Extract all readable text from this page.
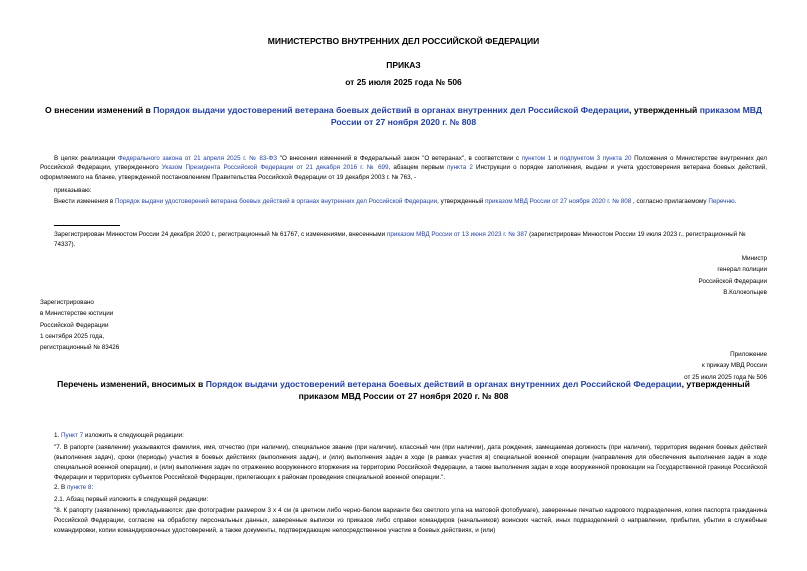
МИНИСТЕРСТВО ВНУТРЕННИХ ДЕЛ РОССИЙСКОЙ ФЕДЕРАЦИИ
ПРИКАЗ
от 25 июля 2025 года № 506
О внесении изменений в Порядок выдачи удостоверений ветерана боевых действий в органах внутренних дел Российской Федерации, утвержденный приказом МВД России от 27 ноября 2020 г. № 808
В целях реализации Федерального закона от 21 апреля 2025 г. № 83-ФЗ "О внесении изменений в Федеральный закон "О ветеранах", в соответствии с пунктом 1 и подпунктом 3 пункта 20 Положения о Министерстве внутренних дел Российской Федерации, утвержденного Указом Президента Российской Федерации от 21 декабря 2016 г. № 699, абзацем первым пункта 2 Инструкции о порядке заполнения, выдачи и учета удостоверения ветерана боевых действий, оформляемого на бланке, утвержденной постановлением Правительства Российской Федерации от 19 декабря 2003 г. № 763, -
приказываю:
Внести изменения в Порядок выдачи удостоверений ветерана боевых действий в органах внутренних дел Российской Федерации, утвержденный приказом МВД России от 27 ноября 2020 г. № 808 , согласно прилагаемому Перечню.
Зарегистрирован Минюстом России 24 декабря 2020 г., регистрационный № 61767, с изменениями, внесенными приказом МВД России от 13 июня 2023 г. № 387 (зарегистрирован Минюстом России 19 июля 2023 г., регистрационный № 74337).
Министр
генерал полиции
Российской Федерации
В.Колокольцев
Зарегистрировано
в Министерстве юстиции
Российской Федерации
1 сентября 2025 года,
регистрационный № 83426
Приложение
к приказу МВД России
от 25 июля 2025 года № 506
Перечень изменений, вносимых в Порядок выдачи удостоверений ветерана боевых действий в органах внутренних дел Российской Федерации, утвержденный приказом МВД России от 27 ноября 2020 г. № 808
1. Пункт 7 изложить в следующей редакции:
"7. В рапорте (заявлении) указываются фамилия, имя, отчество (при наличии), специальное звание (при наличии), классный чин (при наличии), дата рождения, замещаемая должность (при наличии), территория ведения боевых действий (выполнения задач), сроки (периоды) участия в боевых действиях (выполнения задач), и (или) выполнения задач в ходе (в рамках участия в) специальной военной операции (направления для обеспечения выполнения задач в ходе специальной военной операции), и (или) выполнения задач по отражению вооруженного вторжения на территорию Российской Федерации, а также выполнения задач в ходе вооруженной провокации на Государственной границе Российской Федерации и территориях субъектов Российской Федерации, прилегающих к районам проведения специальной военной операции.".
2. В пункте 8:
2.1. Абзац первый изложить в следующей редакции:
"8. К рапорту (заявлению) прикладываются: две фотографии размером 3 x 4 см (в цветном либо черно-белом варианте без светлого угла на матовой фотобумаге), заверенные печатью кадрового подразделения, копия паспорта гражданина Российской Федерации, согласие на обработку персональных данных, заверенные выписки из приказов либо справки командиров (начальников) воинских частей, иных подразделений о направлении, прибытии, убытии в служебные командировки, копии командировочных удостоверений, а также документы, подтверждающие непосредственное участие в боевых действиях, и (или)
